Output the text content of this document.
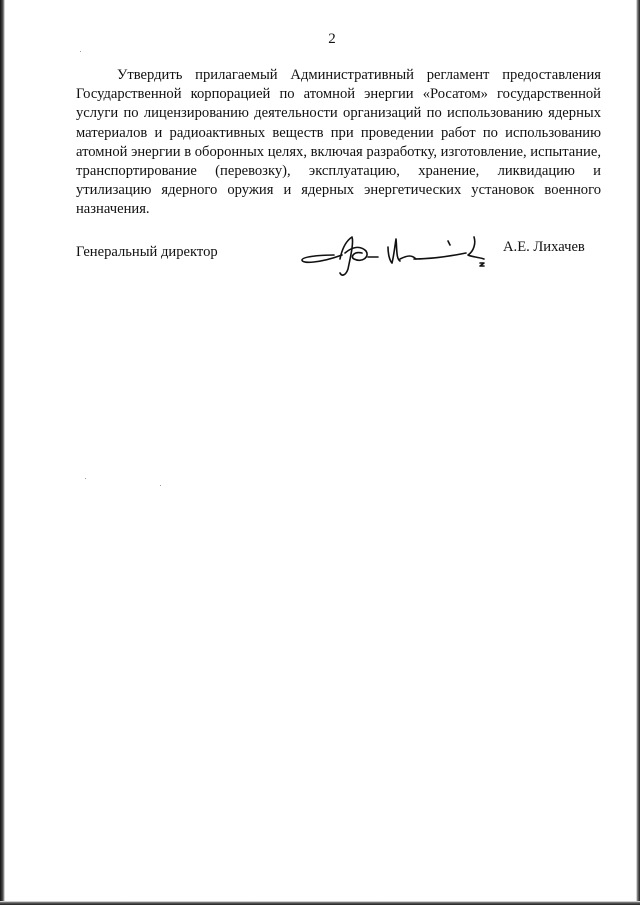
2

Утвердить прилагаемый Административный регламент предоставления Государственной корпорацией по атомной энергии «Росатом» государственной услуги по лицензированию деятельности организаций по использованию ядерных материалов и радиоактивных веществ при проведении работ по использованию атомной энергии в оборонных целях, включая разработку, изготовление, испытание, транспортирование (перевозку), эксплуатацию, хранение, ликвидацию и утилизацию ядерного оружия и ядерных энергетических установок военного назначения.

Генеральный директор	А.Е. Лихачев
